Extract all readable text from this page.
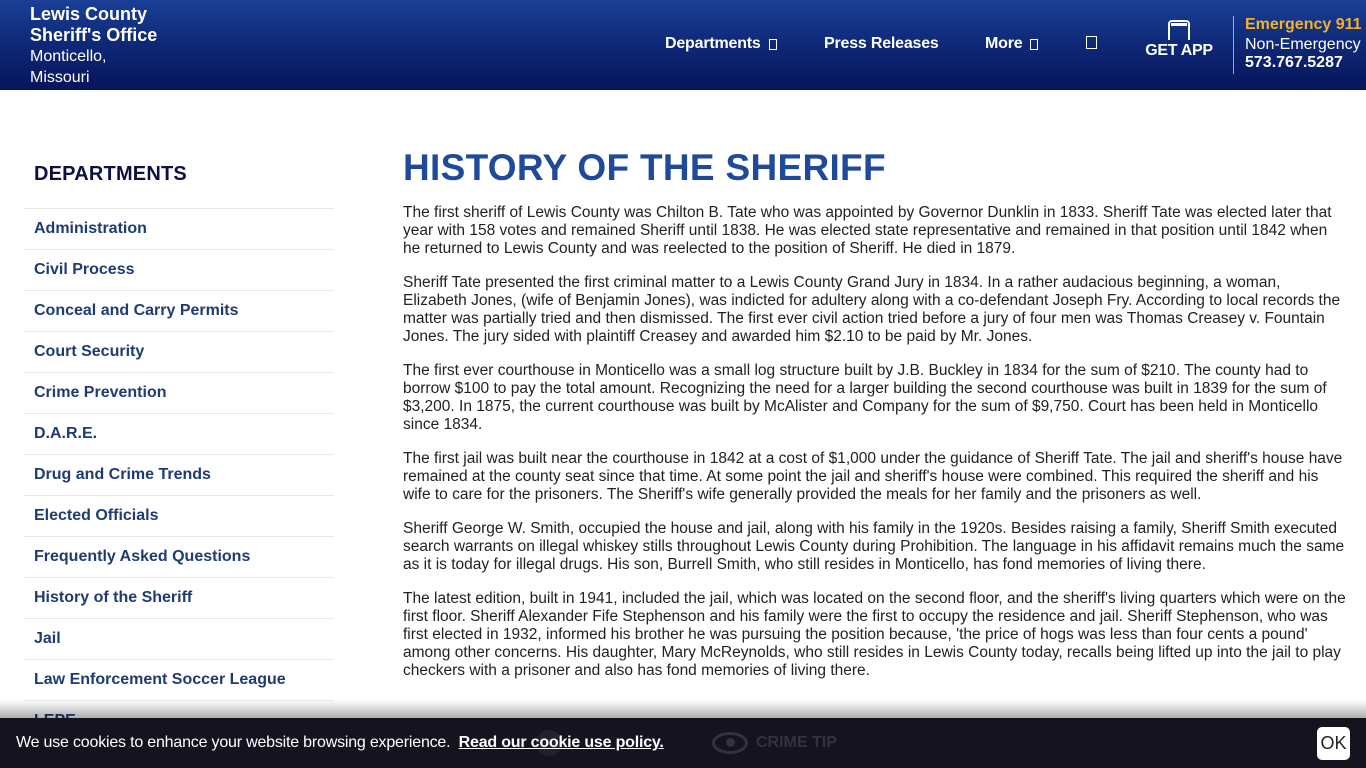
Lewis County
Sheriff's Office
Monticello,
Missouri
Departments	Press Releases	More	GET APP
Emergency 911
Non-Emergency
573.767.5287
DEPARTMENTS
Administration
Civil Process
Conceal and Carry Permits
Court Security
Crime Prevention
D.A.R.E.
Drug and Crime Trends
Elected Officials
Frequently Asked Questions
History of the Sheriff
Jail
Law Enforcement Soccer League
HISTORY OF THE SHERIFF

The first sheriff of Lewis County was Chilton B. Tate who was appointed by Governor Dunklin in 1833. Sheriff Tate was elected later that year with 158 votes and remained Sheriff until 1838. He was elected state representative and remained in that position until 1842 when he returned to Lewis County and was reelected to the position of Sheriff. He died in 1879.

Sheriff Tate presented the first criminal matter to a Lewis County Grand Jury in 1834. In a rather audacious beginning, a woman, Elizabeth Jones, (wife of Benjamin Jones), was indicted for adultery along with a co-defendant Joseph Fry. According to local records the matter was partially tried and then dismissed. The first ever civil action tried before a jury of four men was Thomas Creasey v. Fountain Jones. The jury sided with plaintiff Creasey and awarded him $2.10 to be paid by Mr. Jones.

The first ever courthouse in Monticello was a small log structure built by J.B. Buckley in 1834 for the sum of $210. The county had to borrow $100 to pay the total amount. Recognizing the need for a larger building the second courthouse was built in 1839 for the sum of $3,200. In 1875, the current courthouse was built by McAlister and Company for the sum of $9,750. Court has been held in Monticello since 1834.

The first jail was built near the courthouse in 1842 at a cost of $1,000 under the guidance of Sheriff Tate. The jail and sheriff's house have remained at the county seat since that time. At some point the jail and sheriff's house were combined. This required the sheriff and his wife to care for the prisoners. The Sheriff's wife generally provided the meals for her family and the prisoners as well.

Sheriff George W. Smith, occupied the house and jail, along with his family in the 1920s. Besides raising a family, Sheriff Smith executed search warrants on illegal whiskey stills throughout Lewis County during Prohibition. The language in his affidavit remains much the same as it is today for illegal drugs. His son, Burrell Smith, who still resides in Monticello, has fond memories of living there.

The latest edition, built in 1941, included the jail, which was located on the second floor, and the sheriff's living quarters which were on the first floor. Sheriff Alexander Fife Stephenson and his family were the first to occupy the residence and jail. Sheriff Stephenson, who was first elected in 1932, informed his brother he was pursuing the position because, 'the price of hogs was less than four cents a pound' among other concerns. His daughter, Mary McReynolds, who still resides in Lewis County today, recalls being lifted up into the jail to play checkers with a prisoner and also has fond memories of living there.

CRIME TIP
We use cookies to enhance your website browsing experience. Read our cookie use policy.	OK
